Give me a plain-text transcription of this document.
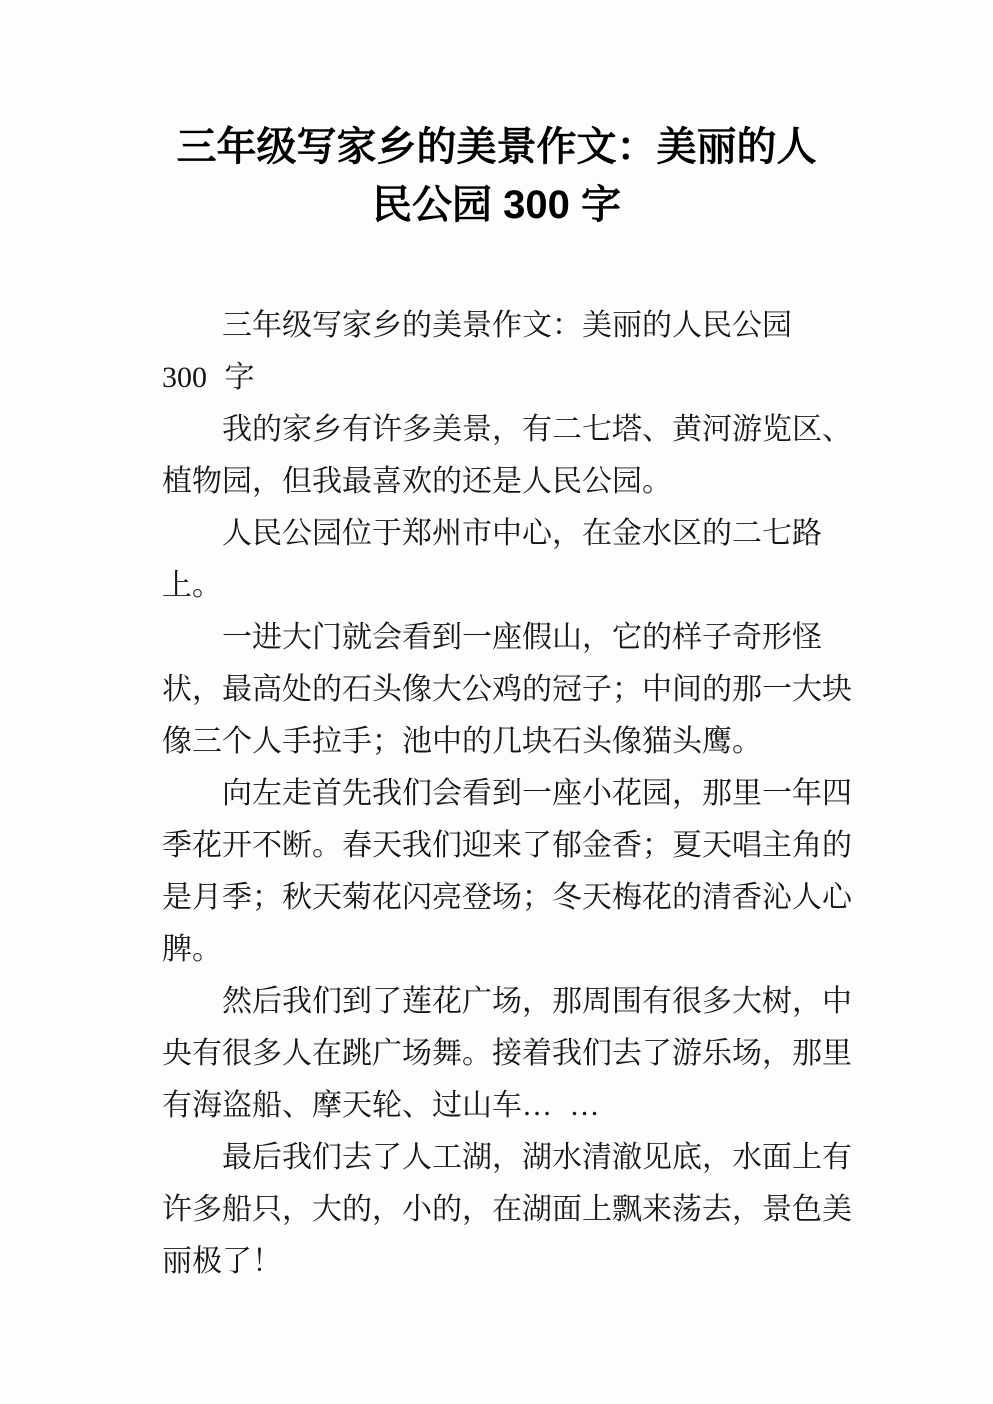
三年级写家乡的美景作文：美丽的人民公园 300 字

三年级写家乡的美景作文：美丽的人民公园 300 字

我的家乡有许多美景，有二七塔、黄河游览区、植物园，但我最喜欢的还是人民公园。

人民公园位于郑州市中心，在金水区的二七路上。

一进大门就会看到一座假山，它的样子奇形怪状，最高处的石头像大公鸡的冠子；中间的那一大块像三个人手拉手；池中的几块石头像猫头鹰。

向左走首先我们会看到一座小花园，那里一年四季花开不断。春天我们迎来了郁金香；夏天唱主角的是月季；秋天菊花闪亮登场；冬天梅花的清香沁人心脾。

然后我们到了莲花广场，那周围有很多大树，中央有很多人在跳广场舞。接着我们去了游乐场，那里有海盗船、摩天轮、过山车… …

最后我们去了人工湖，湖水清澈见底，水面上有许多船只，大的，小的，在湖面上飘来荡去，景色美丽极了！
